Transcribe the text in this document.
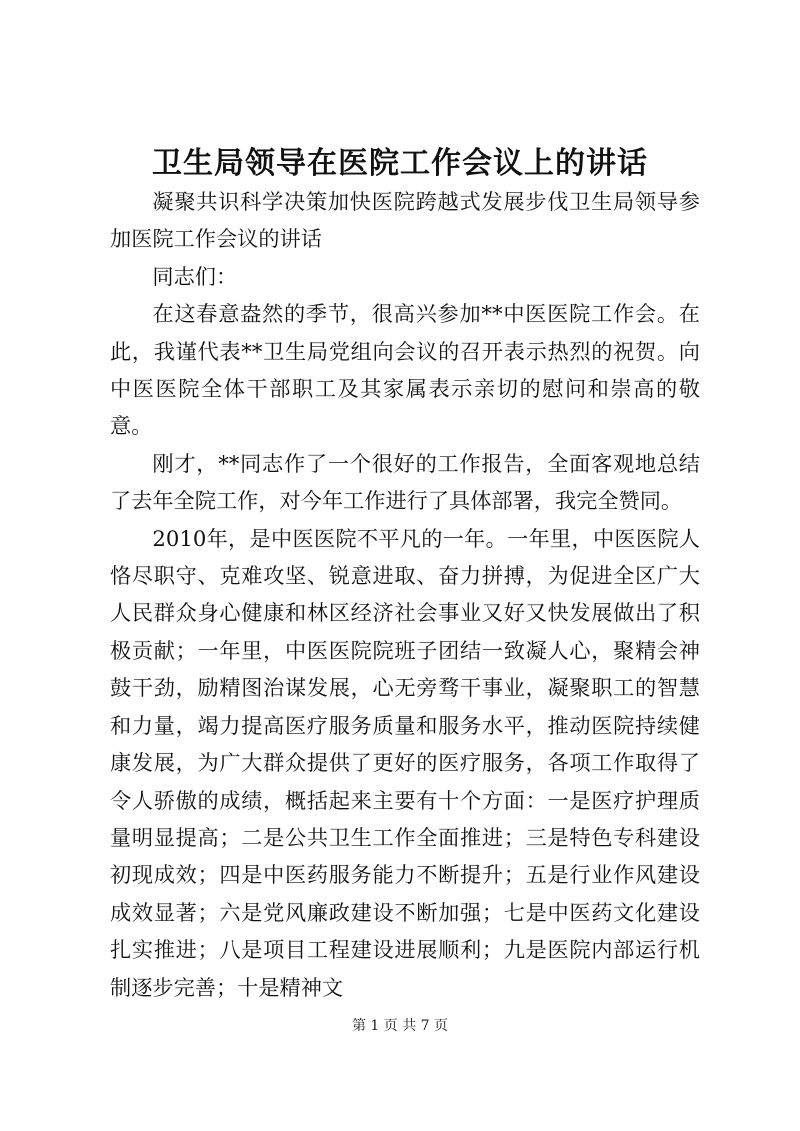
卫生局领导在医院工作会议上的讲话

凝聚共识科学决策加快医院跨越式发展步伐卫生局领导参加医院工作会议的讲话

同志们：

在这春意盎然的季节，很高兴参加**中医医院工作会。在此，我谨代表**卫生局党组向会议的召开表示热烈的祝贺。向中医医院全体干部职工及其家属表示亲切的慰问和崇高的敬意。

刚才，**同志作了一个很好的工作报告，全面客观地总结了去年全院工作，对今年工作进行了具体部署，我完全赞同。

2010年，是中医医院不平凡的一年。一年里，中医医院人恪尽职守、克难攻坚、锐意进取、奋力拼搏，为促进全区广大人民群众身心健康和林区经济社会事业又好又快发展做出了积极贡献；一年里，中医医院院班子团结一致凝人心，聚精会神鼓干劲，励精图治谋发展，心无旁骛干事业，凝聚职工的智慧和力量，竭力提高医疗服务质量和服务水平，推动医院持续健康发展，为广大群众提供了更好的医疗服务，各项工作取得了令人骄傲的成绩，概括起来主要有十个方面：一是医疗护理质量明显提高；二是公共卫生工作全面推进；三是特色专科建设初现成效；四是中医药服务能力不断提升；五是行业作风建设成效显著；六是党风廉政建设不断加强；七是中医药文化建设扎实推进；八是项目工程建设进展顺利；九是医院内部运行机制逐步完善；十是精神文

第 1 页 共 7 页
